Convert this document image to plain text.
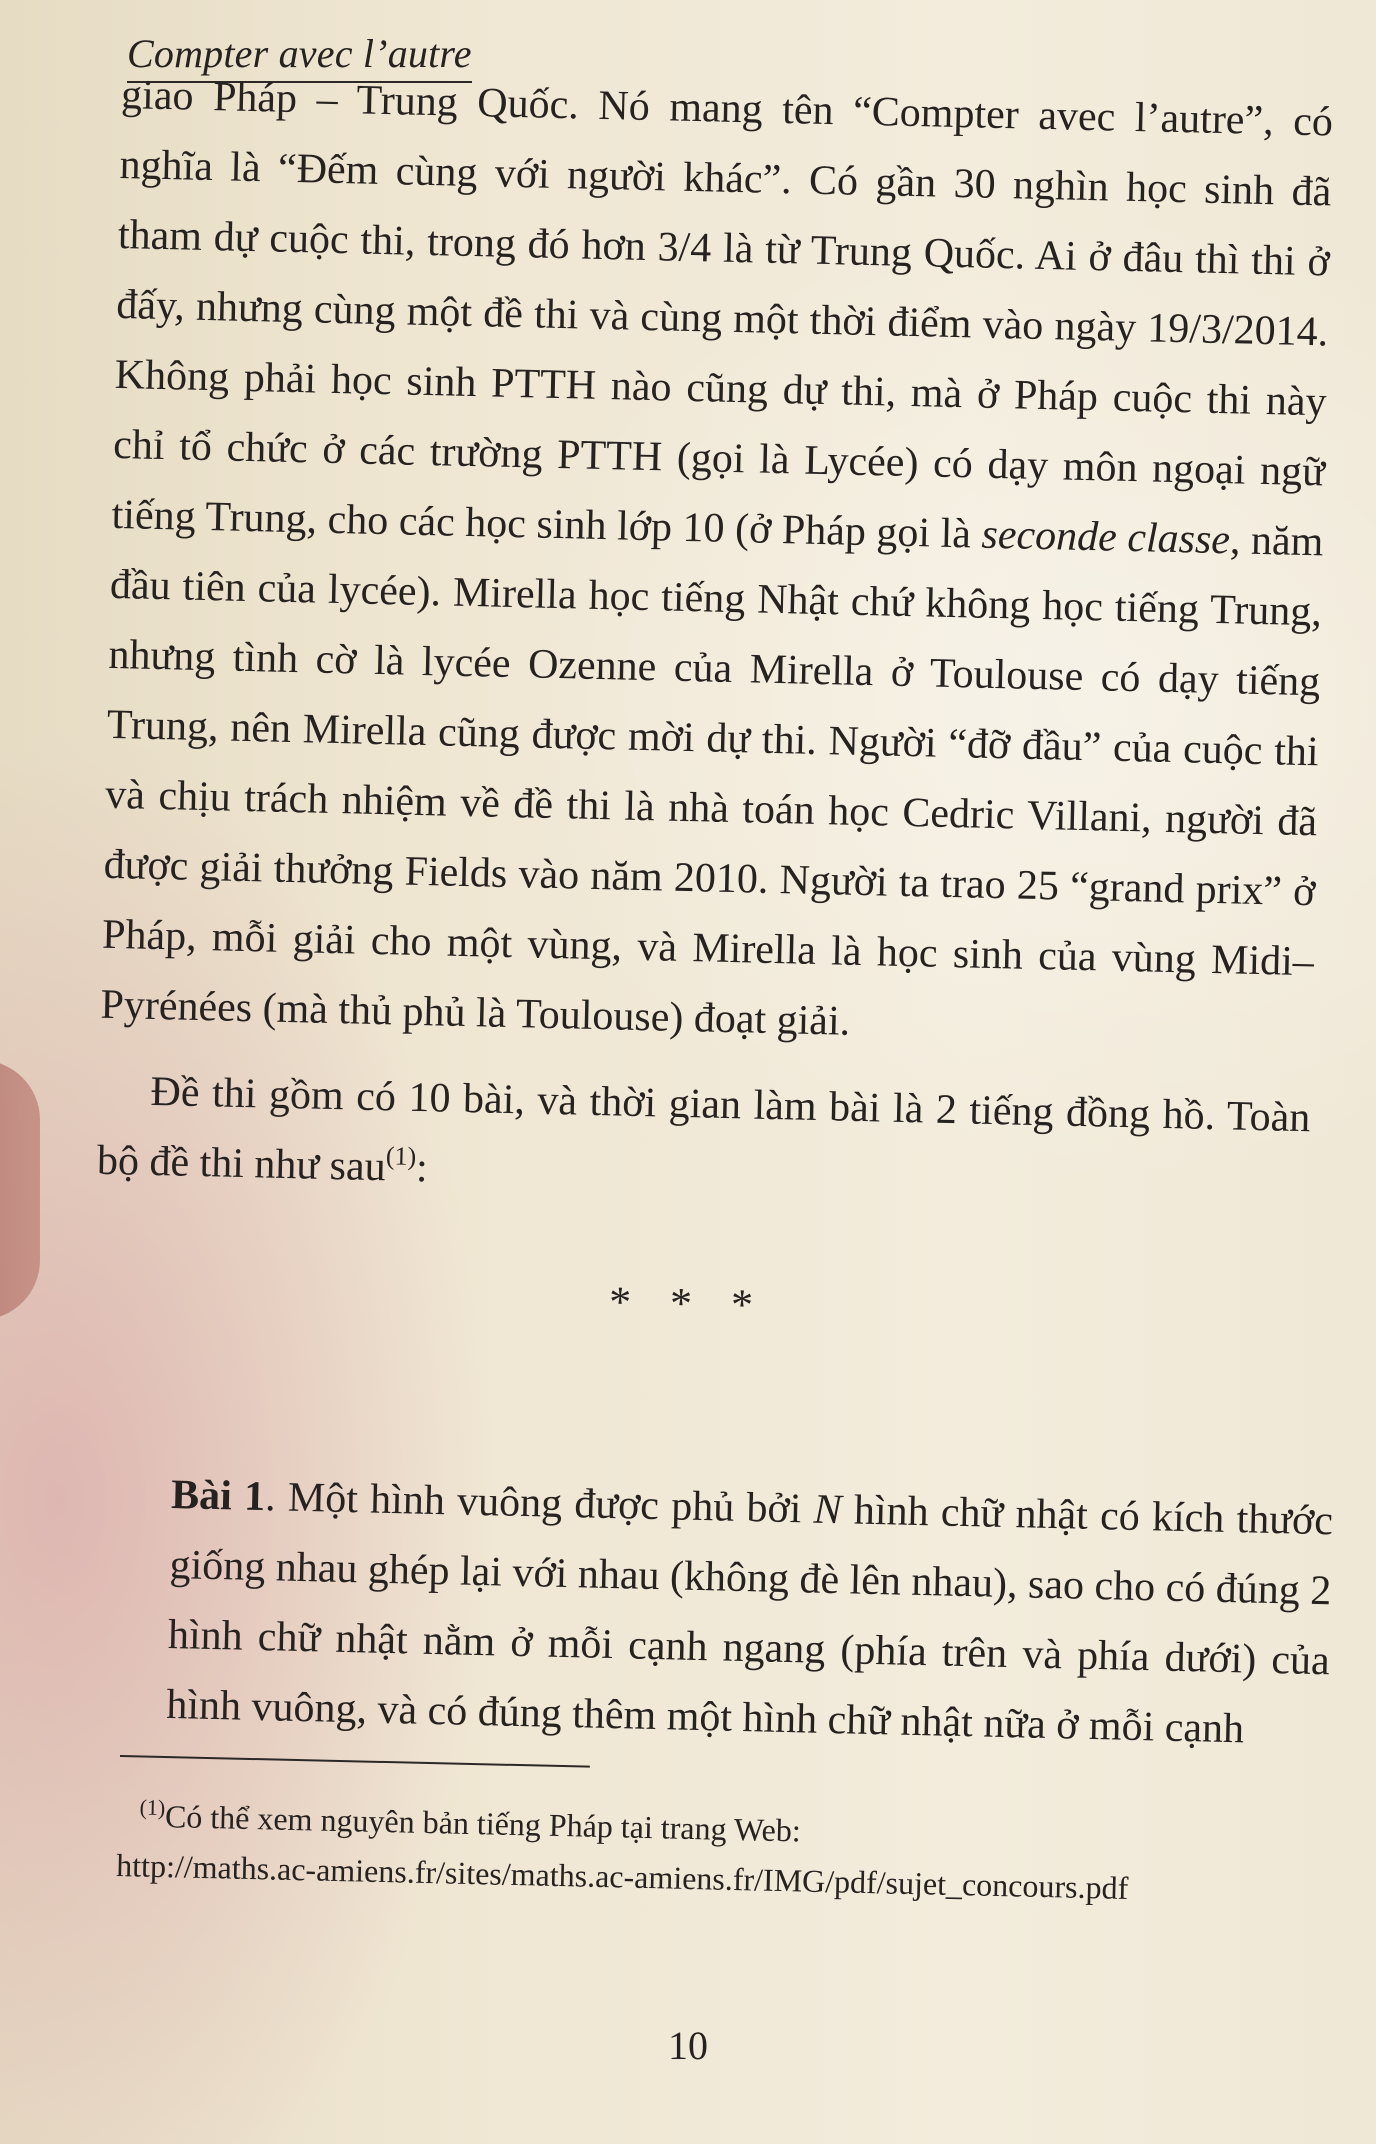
Compter avec l’autre

giao Pháp – Trung Quốc. Nó mang tên “Compter avec l’autre”, có nghĩa là “Đếm cùng với người khác”. Có gần 30 nghìn học sinh đã tham dự cuộc thi, trong đó hơn 3/4 là từ Trung Quốc. Ai ở đâu thì thi ở đấy, nhưng cùng một đề thi và cùng một thời điểm vào ngày 19/3/2014. Không phải học sinh PTTH nào cũng dự thi, mà ở Pháp cuộc thi này chỉ tổ chức ở các trường PTTH (gọi là Lycée) có dạy môn ngoại ngữ tiếng Trung, cho các học sinh lớp 10 (ở Pháp gọi là seconde classe, năm đầu tiên của lycée). Mirella học tiếng Nhật chứ không học tiếng Trung, nhưng tình cờ là lycée Ozenne của Mirella ở Toulouse có dạy tiếng Trung, nên Mirella cũng được mời dự thi. Người “đỡ đầu” của cuộc thi và chịu trách nhiệm về đề thi là nhà toán học Cedric Villani, người đã được giải thưởng Fields vào năm 2010. Người ta trao 25 “grand prix” ở Pháp, mỗi giải cho một vùng, và Mirella là học sinh của vùng Midi–Pyrénées (mà thủ phủ là Toulouse) đoạt giải.

Đề thi gồm có 10 bài, và thời gian làm bài là 2 tiếng đồng hồ. Toàn bộ đề thi như sau$^{(1)}$:

* * *

Bài 1. Một hình vuông được phủ bởi N hình chữ nhật có kích thước giống nhau ghép lại với nhau (không đè lên nhau), sao cho có đúng 2 hình chữ nhật nằm ở mỗi cạnh ngang (phía trên và phía dưới) của hình vuông, và có đúng thêm một hình chữ nhật nữa ở mỗi cạnh

$^{(1)}$Có thể xem nguyên bản tiếng Pháp tại trang Web:
http://maths.ac-amiens.fr/sites/maths.ac-amiens.fr/IMG/pdf/sujet_concours.pdf
10
